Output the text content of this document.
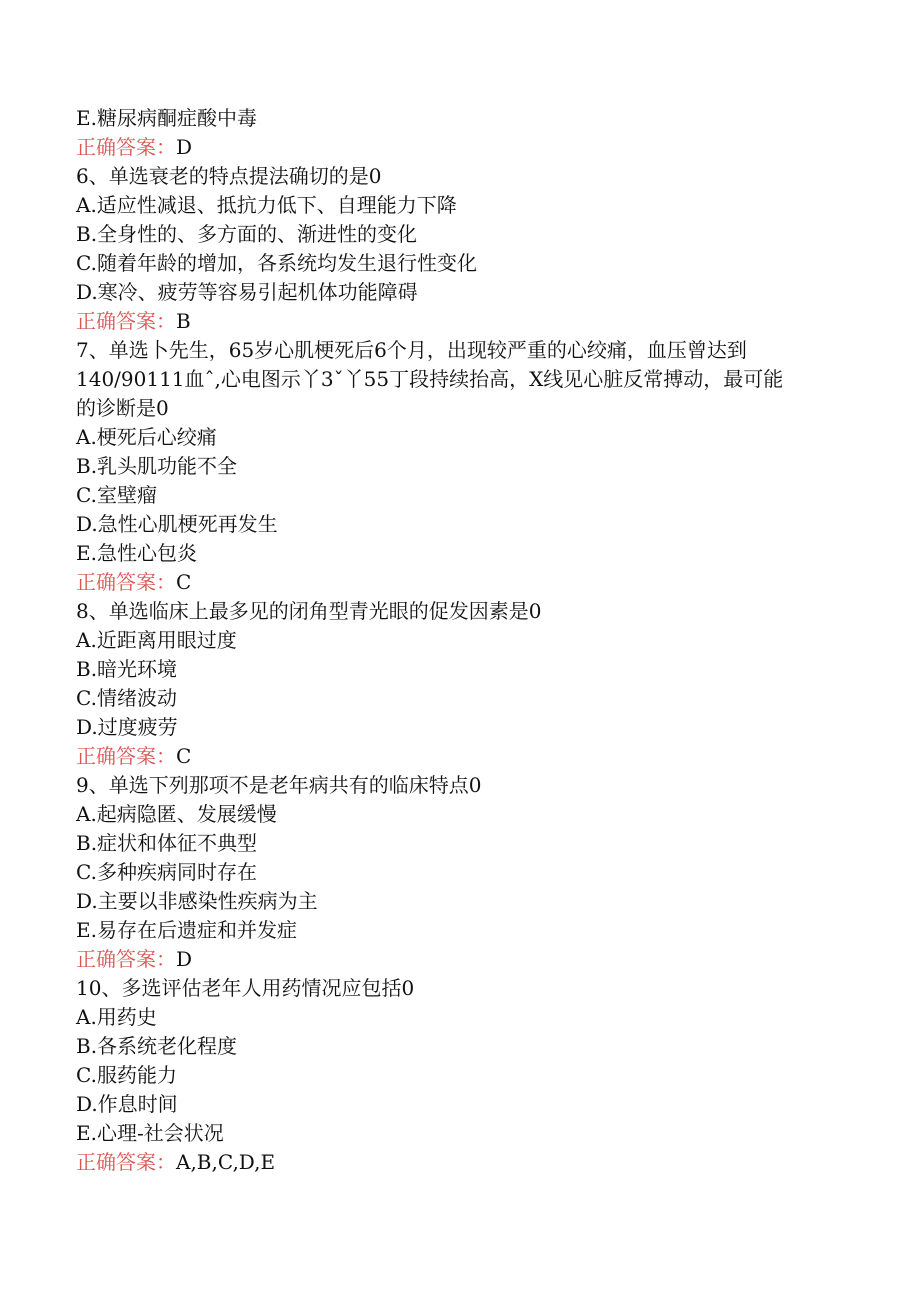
E.糖尿病酮症酸中毒

正确答案：D

6、单选衰老的特点提法确切的是0

A.适应性减退、抵抗力低下、自理能力下降

B.全身性的、多方面的、渐进性的变化

C.随着年龄的增加，各系统均发生退行性变化

D.寒冷、疲劳等容易引起机体功能障碍

正确答案：B

7、单选卜先生，65岁心肌梗死后6个月，出现较严重的心绞痛，血压曾达到

140/90111血ˆ,心电图示丫3ˇ丫55丁段持续抬高，X线见心脏反常搏动，最可能

的诊断是0

A.梗死后心绞痛

B.乳头肌功能不全

C.室壁瘤

D.急性心肌梗死再发生

E.急性心包炎

正确答案：C

8、单选临床上最多见的闭角型青光眼的促发因素是0

A.近距离用眼过度

B.暗光环境

C.情绪波动

D.过度疲劳

正确答案：C

9、单选下列那项不是老年病共有的临床特点0

A.起病隐匿、发展缓慢

B.症状和体征不典型

C.多种疾病同时存在

D.主要以非感染性疾病为主

E.易存在后遗症和并发症

正确答案：D

10、多选评估老年人用药情况应包括0

A.用药史

B.各系统老化程度

C.服药能力

D.作息时间

E.心理-社会状况

正确答案：A,B,C,D,E
